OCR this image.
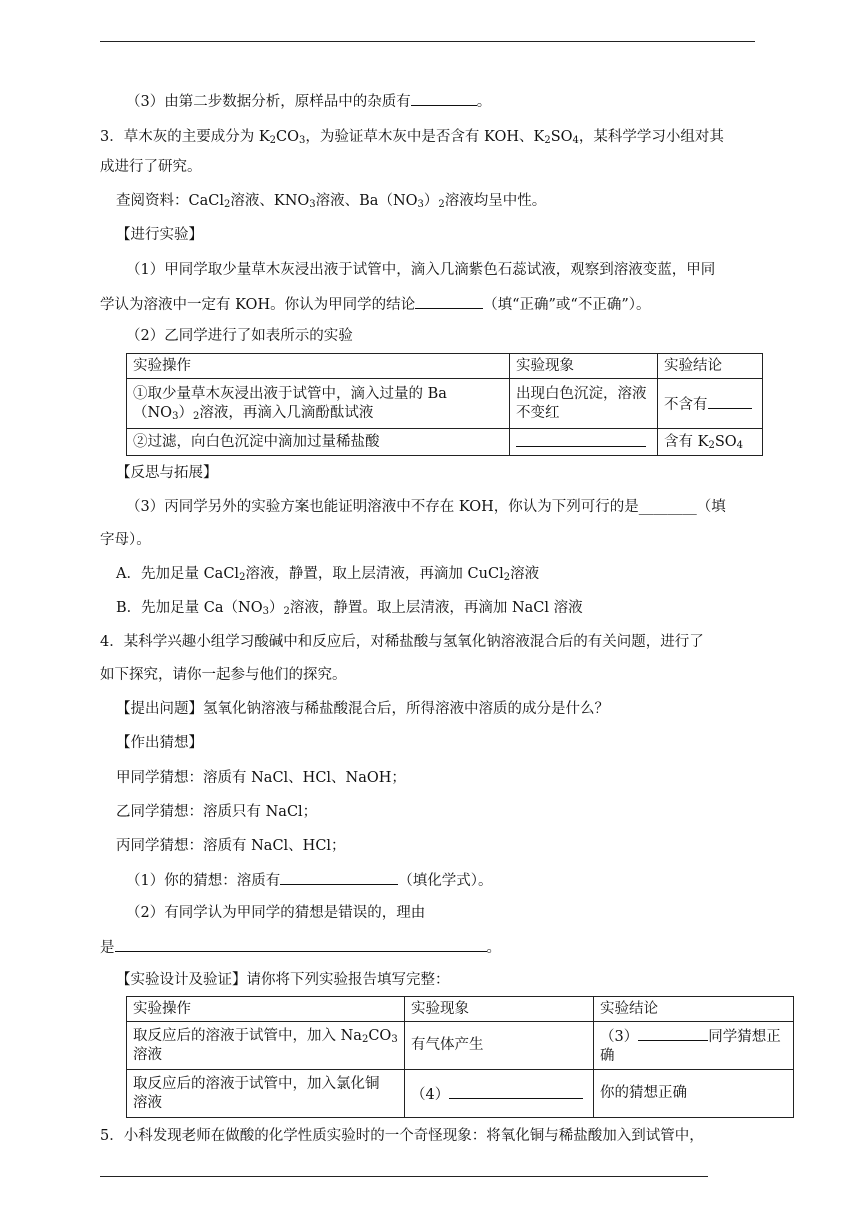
（3）由第二步数据分析，原样品中的杂质有	。
3．草木灰的主要成分为 $K_2CO_3$，为验证草木灰中是否含有 KOH、$K_2SO_4$，某科学学习小组对其
成进行了研究。
查阅资料：CaCl$_2$溶液、$KNO_3$溶液、$Ba(NO_3)_2$溶液均呈中性。
【进行实验】
（1）甲同学取少量草木灰浸出液于试管中，滴入几滴紫色石蕊试液，观察到溶液变蓝，甲同
学认为溶液中一定有 KOH。你认为甲同学的结论	（填“正确”或“不正确”）。
（2）乙同学进行了如表所示的实验
实验操作	实验现象	实验结论
①取少量草木灰浸出液于试管中，滴入过量的 Ba
$(NO_3)_2$溶液，再滴入几滴酚酞试液	出现白色沉淀，溶液
不变红	不含有
②过滤，向白色沉淀中滴加过量稀盐酸		含有 $K_2SO_4$
【反思与拓展】
（3）丙同学另外的实验方案也能证明溶液中不存在 KOH，你认为下列可行的是________（填
字母）。
A．先加足量 CaCl$_2$溶液，静置，取上层清液，再滴加 CuCl$_2$溶液
B．先加足量 $Ca(NO_3)_2$溶液，静置。取上层清液，再滴加 NaCl 溶液
4．某科学兴趣小组学习酸碱中和反应后，对稀盐酸与氢氧化钠溶液混合后的有关问题，进行了
如下探究，请你一起参与他们的探究。
【提出问题】氢氧化钠溶液与稀盐酸混合后，所得溶液中溶质的成分是什么？
【作出猜想】
甲同学猜想：溶质有 NaCl、HCl、NaOH；
乙同学猜想：溶质只有 NaCl；
丙同学猜想：溶质有 NaCl、HCl；
（1）你的猜想：溶质有	（填化学式）。
（2）有同学认为甲同学的猜想是错误的，理由
是	。
【实验设计及验证】请你将下列实验报告填写完整：
实验操作	实验现象	实验结论
取反应后的溶液于试管中，加入 $Na_2CO_3$
溶液	有气体产生	（3） 同学猜想正
确
取反应后的溶液于试管中，加入氯化铜
溶液	（4）	你的猜想正确
5．小科发现老师在做酸的化学性质实验时的一个奇怪现象：将氧化铜与稀盐酸加入到试管中，
